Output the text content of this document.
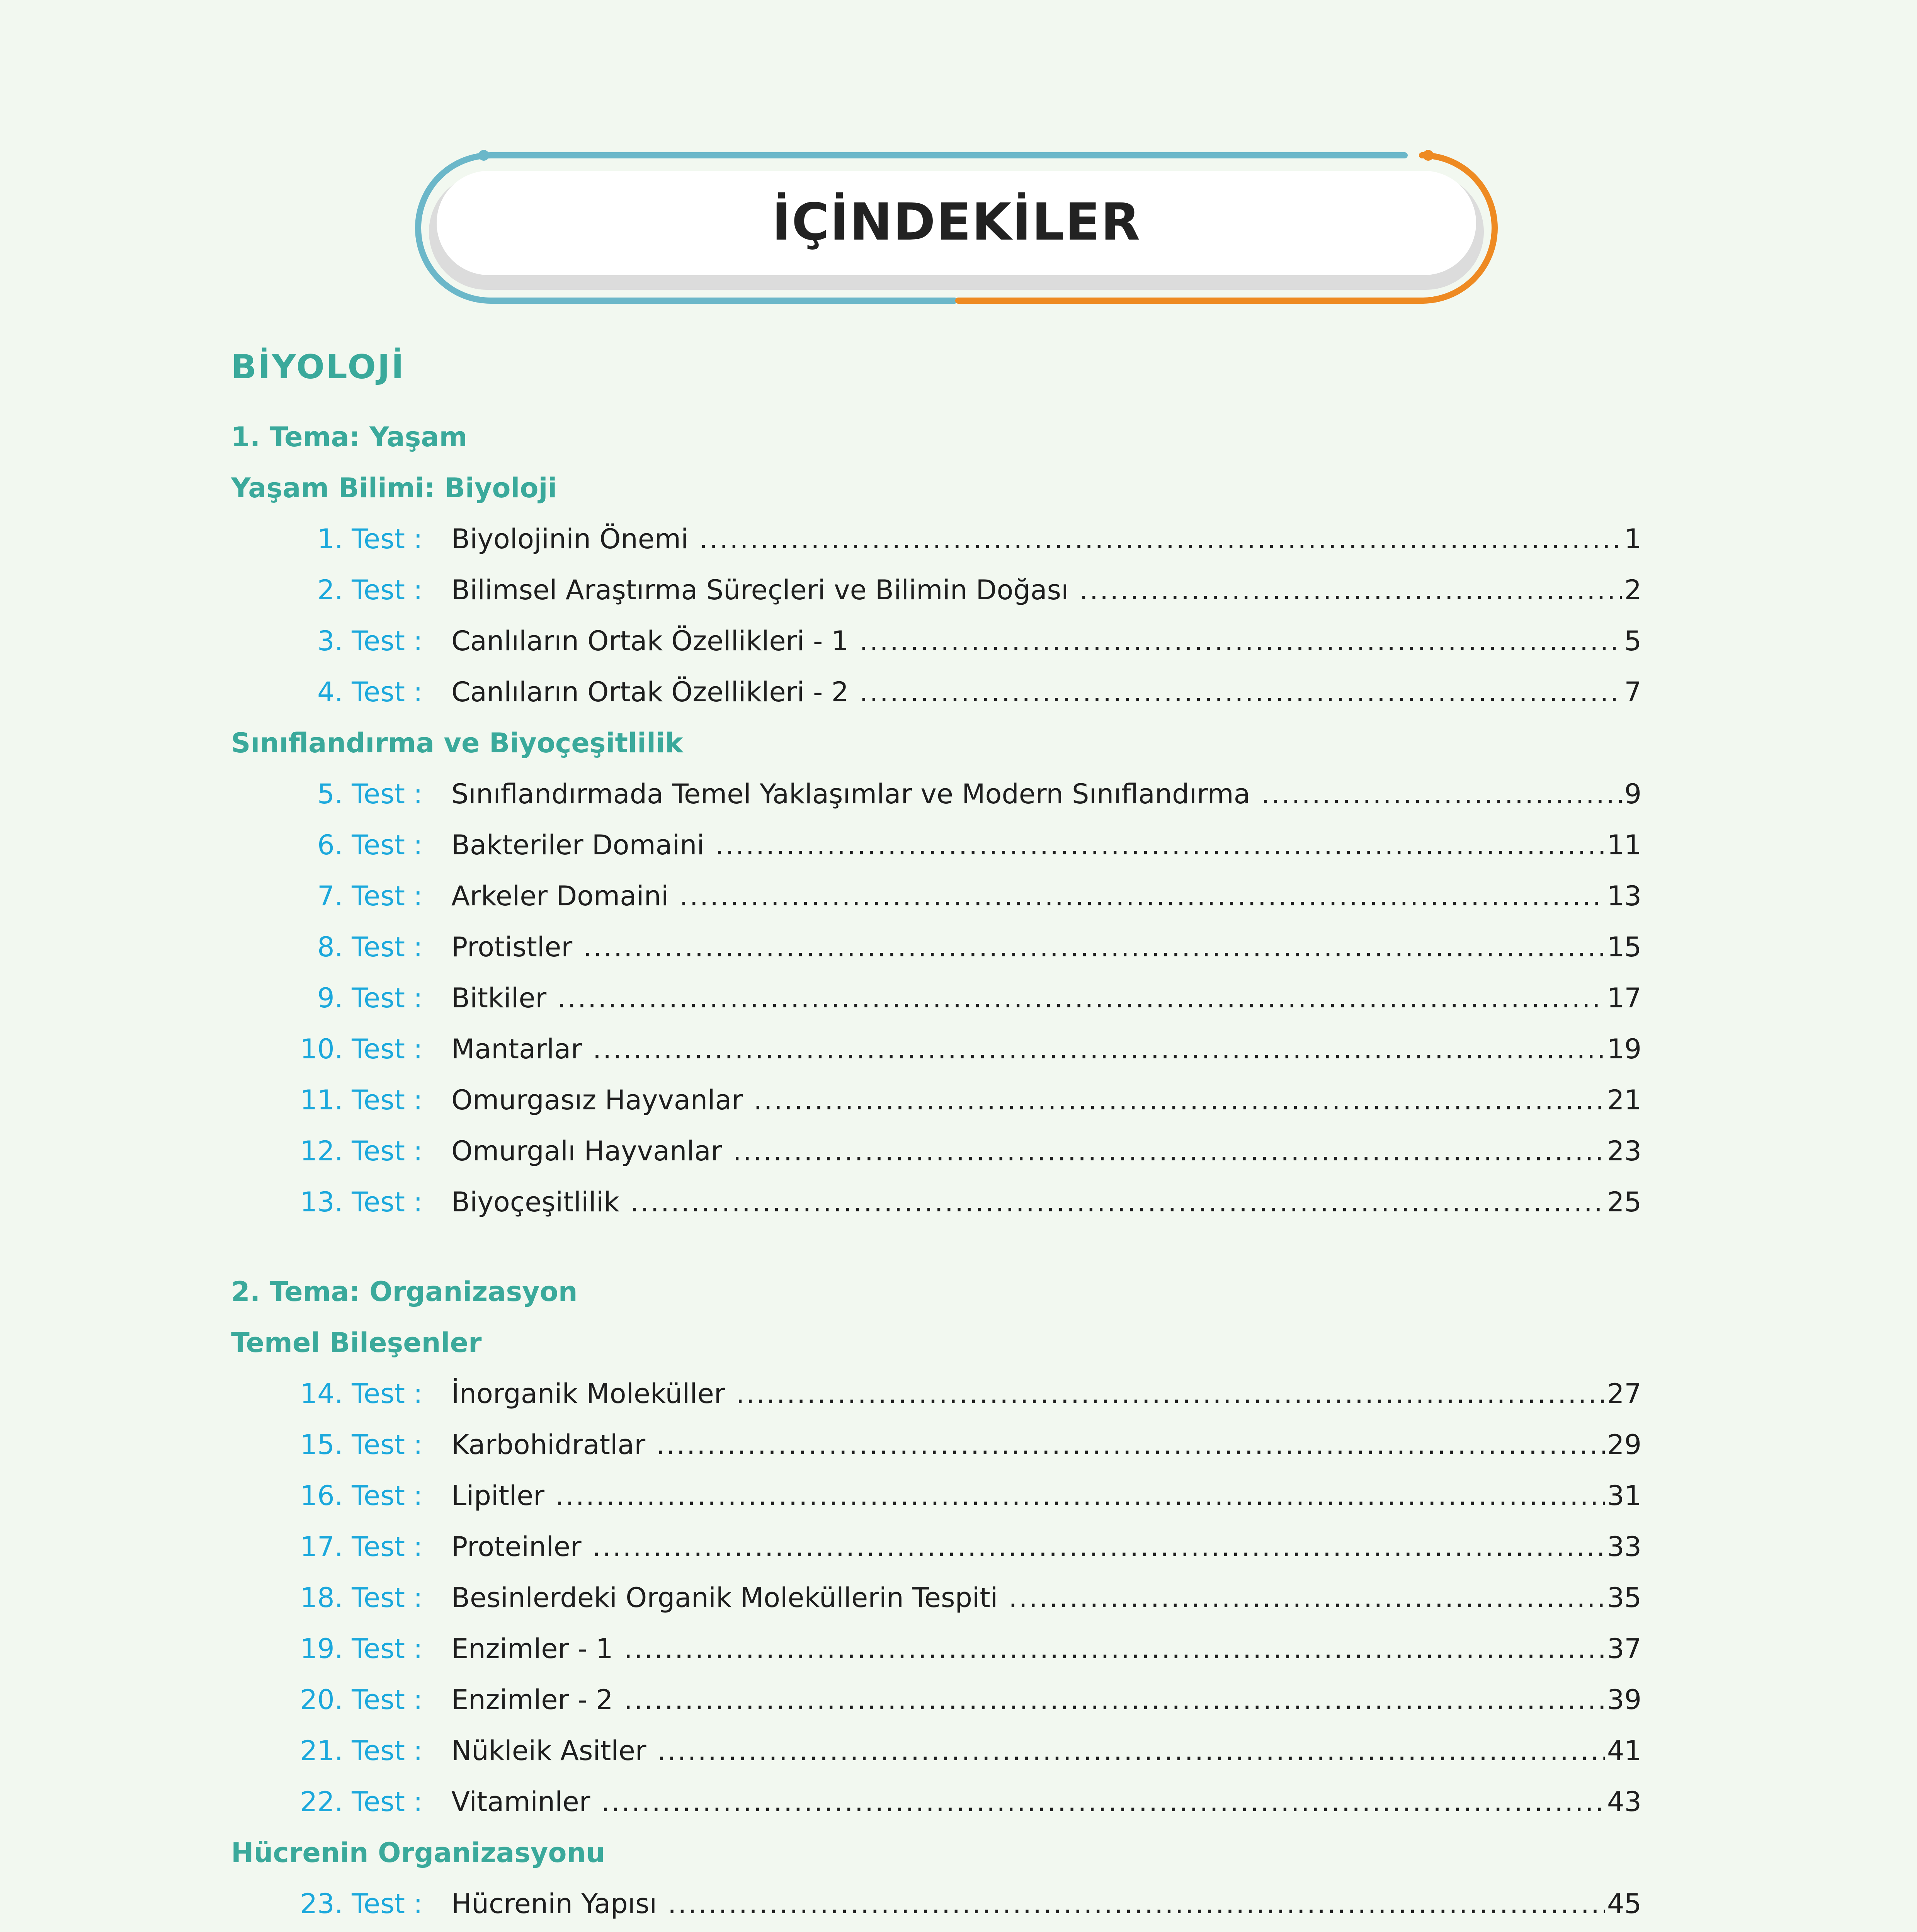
İÇİNDEKİLER
BİYOLOJİ
1. Tema: Yaşam
Yaşam Bilimi: Biyoloji
1. Test :	Biyolojinin Önemi .....	1
2. Test :	Bilimsel Araştırma Süreçleri ve Bilimin Doğası .....	2
3. Test :	Canlıların Ortak Özellikleri - 1 .....	5
4. Test :	Canlıların Ortak Özellikleri - 2 .....	7
Sınıflandırma ve Biyoçeşitlilik
5. Test :	Sınıflandırmada Temel Yaklaşımlar ve Modern Sınıflandırma .....	9
6. Test :	Bakteriler Domaini .....	11
7. Test :	Arkeler Domaini .....	13
8. Test :	Protistler .....	15
9. Test :	Bitkiler .....	17
10. Test :	Mantarlar .....	19
11. Test :	Omurgasız Hayvanlar .....	21
12. Test :	Omurgalı Hayvanlar .....	23
13. Test :	Biyoçeşitlilik .....	25
2. Tema: Organizasyon
Temel Bileşenler
14. Test :	İnorganik Moleküller .....	27
15. Test :	Karbohidratlar .....	29
16. Test :	Lipitler .....	31
17. Test :	Proteinler .....	33
18. Test :	Besinlerdeki Organik Moleküllerin Tespiti .....	35
19. Test :	Enzimler - 1 .....	37
20. Test :	Enzimler - 2 .....	39
21. Test :	Nükleik Asitler .....	41
22. Test :	Vitaminler .....	43
Hücrenin Organizasyonu
23. Test :	Hücrenin Yapısı .....	45
.....
